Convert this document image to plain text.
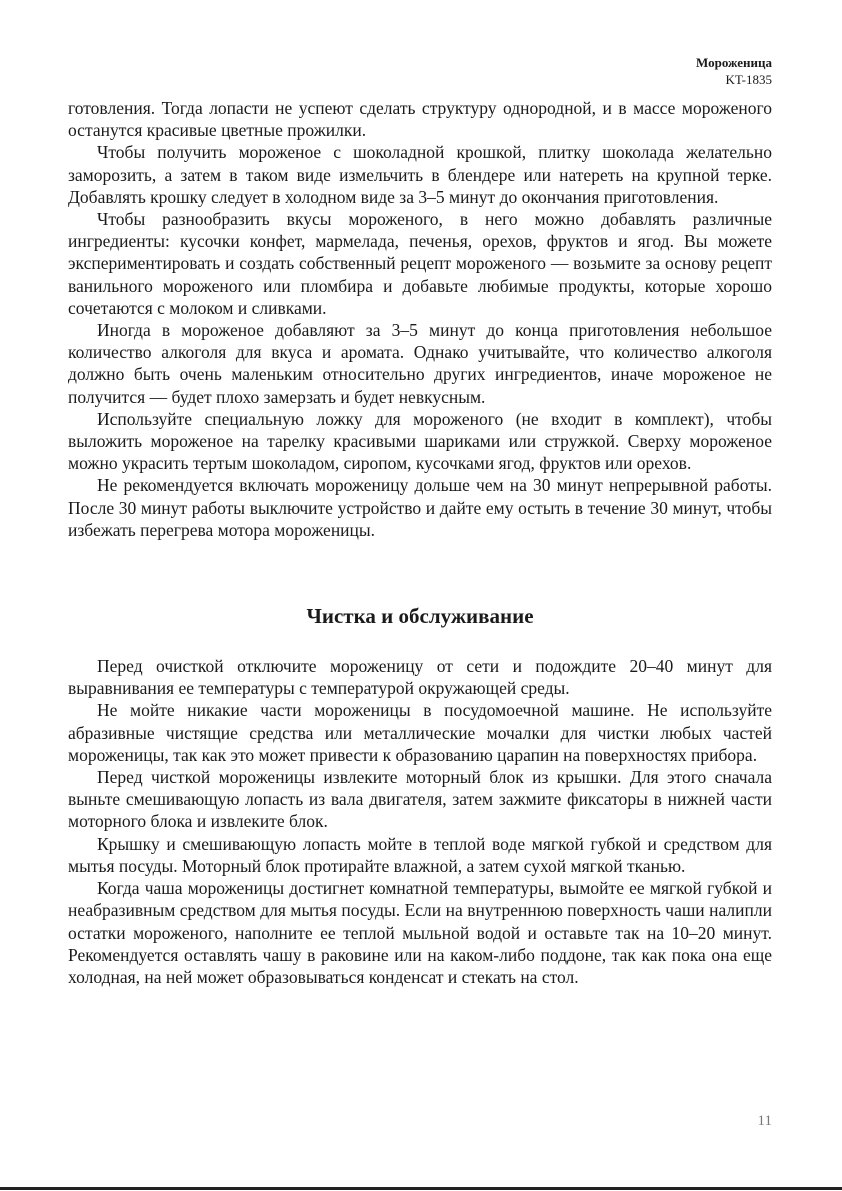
Мороженица
KT-1835

готовления. Тогда лопасти не успеют сделать структуру однородной, и в массе мороженого останутся красивые цветные прожилки.

Чтобы получить мороженое с шоколадной крошкой, плитку шоколада желательно заморозить, а затем в таком виде измельчить в блендере или натереть на крупной терке. Добавлять крошку следует в холодном виде за 3–5 минут до окончания приготовления.

Чтобы разнообразить вкусы мороженого, в него можно добавлять различные ингредиенты: кусочки конфет, мармелада, печенья, орехов, фруктов и ягод. Вы можете экспериментировать и создать собственный рецепт мороженого — возьмите за основу рецепт ванильного мороженого или пломбира и добавьте любимые продукты, которые хорошо сочетаются с молоком и сливками.

Иногда в мороженое добавляют за 3–5 минут до конца приготовления небольшое количество алкоголя для вкуса и аромата. Однако учитывайте, что количество алкоголя должно быть очень маленьким относительно других ингредиентов, иначе мороженое не получится — будет плохо замерзать и будет невкусным.

Используйте специальную ложку для мороженого (не входит в комплект), чтобы выложить мороженое на тарелку красивыми шариками или стружкой. Сверху мороженое можно украсить тертым шоколадом, сиропом, кусочками ягод, фруктов или орехов.

Не рекомендуется включать мороженицу дольше чем на 30 минут непрерывной работы. После 30 минут работы выключите устройство и дайте ему остыть в течение 30 минут, чтобы избежать перегрева мотора мороженицы.

Чистка и обслуживание

Перед очисткой отключите мороженицу от сети и подождите 20–40 минут для выравнивания ее температуры с температурой окружающей среды.

Не мойте никакие части мороженицы в посудомоечной машине. Не используйте абразивные чистящие средства или металлические мочалки для чистки любых частей мороженицы, так как это может привести к образованию царапин на поверхностях прибора.

Перед чисткой мороженицы извлеките моторный блок из крышки. Для этого сначала выньте смешивающую лопасть из вала двигателя, затем зажмите фиксаторы в нижней части моторного блока и извлеките блок.

Крышку и смешивающую лопасть мойте в теплой воде мягкой губкой и средством для мытья посуды. Моторный блок протирайте влажной, а затем сухой мягкой тканью.

Когда чаша мороженицы достигнет комнатной температуры, вымойте ее мягкой губкой и неабразивным средством для мытья посуды. Если на внутреннюю поверхность чаши налипли остатки мороженого, наполните ее теплой мыльной водой и оставьте так на 10–20 минут. Рекомендуется оставлять чашу в раковине или на каком-либо поддоне, так как пока она еще холодная, на ней может образовываться конденсат и стекать на стол.

11
